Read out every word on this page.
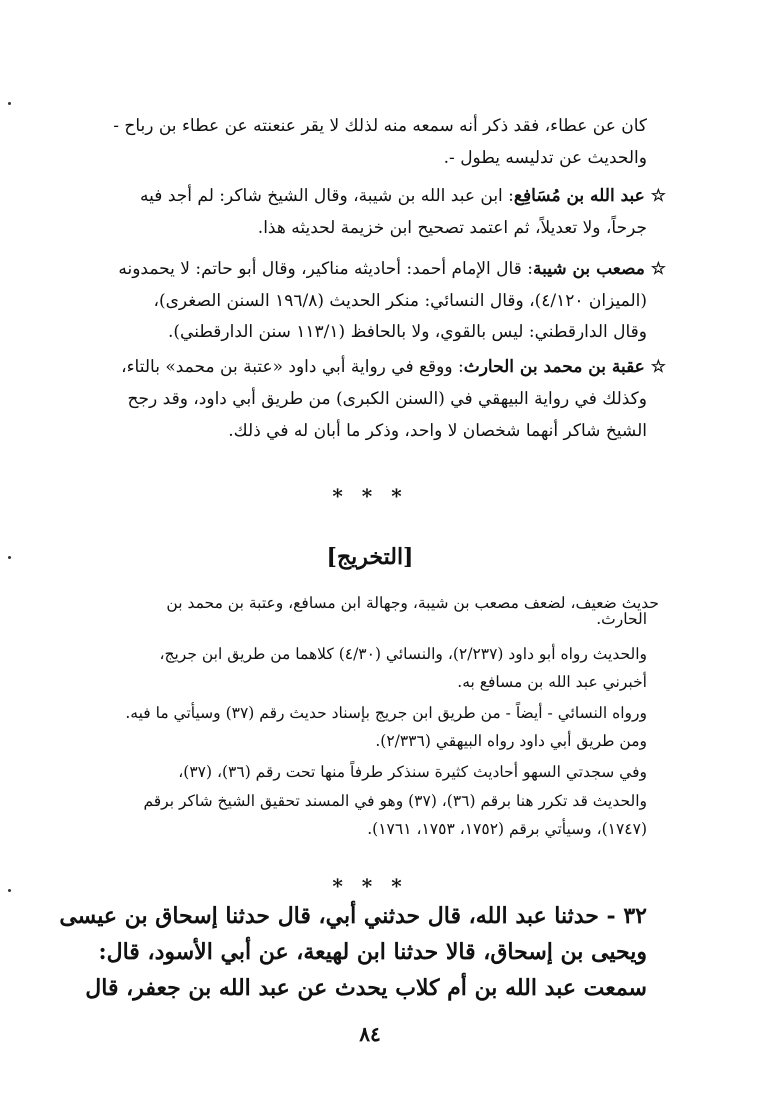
كان عن عطاء، فقد ذكر أنه سمعه منه لذلك لا يقر عنعنته عن عطاء بن رباح -
والحديث عن تدليسه يطول -.
☆ عبد الله بن مُسَافِع: ابن عبد الله بن شيبة، وقال الشيخ شاكر: لم أجد فيه
جرحاً، ولا تعديلاً، ثم اعتمد تصحيح ابن خزيمة لحديثه هذا.
☆ مصعب بن شيبة: قال الإمام أحمد: أحاديثه مناكير، وقال أبو حاتم: لا يحمدونه
(الميزان ٤/١٢٠)، وقال النسائي: منكر الحديث (١٩٦/٨ السنن الصغرى)،
وقال الدارقطني: ليس بالقوي، ولا بالحافظ (١١٣/١ سنن الدارقطني).
☆ عقبة بن محمد بن الحارث: ووقع في رواية أبي داود «عتبة بن محمد» بالتاء،
وكذلك في رواية البيهقي في (السنن الكبرى) من طريق أبي داود، وقد رجح
الشيخ شاكر أنهما شخصان لا واحد، وذكر ما أبان له في ذلك.
* * *
[التخريج]
حديث ضعيف، لضعف مصعب بن شيبة، وجهالة ابن مسافع، وعتبة بن محمد بن
الحارث.
والحديث رواه أبو داود (٢/٢٣٧)، والنسائي (٤/٣٠) كلاهما من طريق ابن جريج،
أخبرني عبد الله بن مسافع به.
ورواه النسائي - أيضاً - من طريق ابن جريج بإسناد حديث رقم (٣٧) وسيأتي ما فيه.
ومن طريق أبي داود رواه البيهقي (٢/٣٣٦).
وفي سجدتي السهو أحاديث كثيرة سنذكر طرفاً منها تحت رقم (٣٦)، (٣٧)،
والحديث قد تكرر هنا برقم (٣٦)، (٣٧) وهو في المسند تحقيق الشيخ شاكر برقم
(١٧٤٧)، وسيأتي برقم (١٧٥٢، ١٧٥٣، ١٧٦١).
* * *
٣٢ - حدثنا عبد الله، قال حدثني أبي، قال حدثنا إسحاق بن عيسى
ويحيى بن إسحاق، قالا حدثنا ابن لهيعة، عن أبي الأسود، قال:
سمعت عبد الله بن أم كلاب يحدث عن عبد الله بن جعفر، قال
٨٤
